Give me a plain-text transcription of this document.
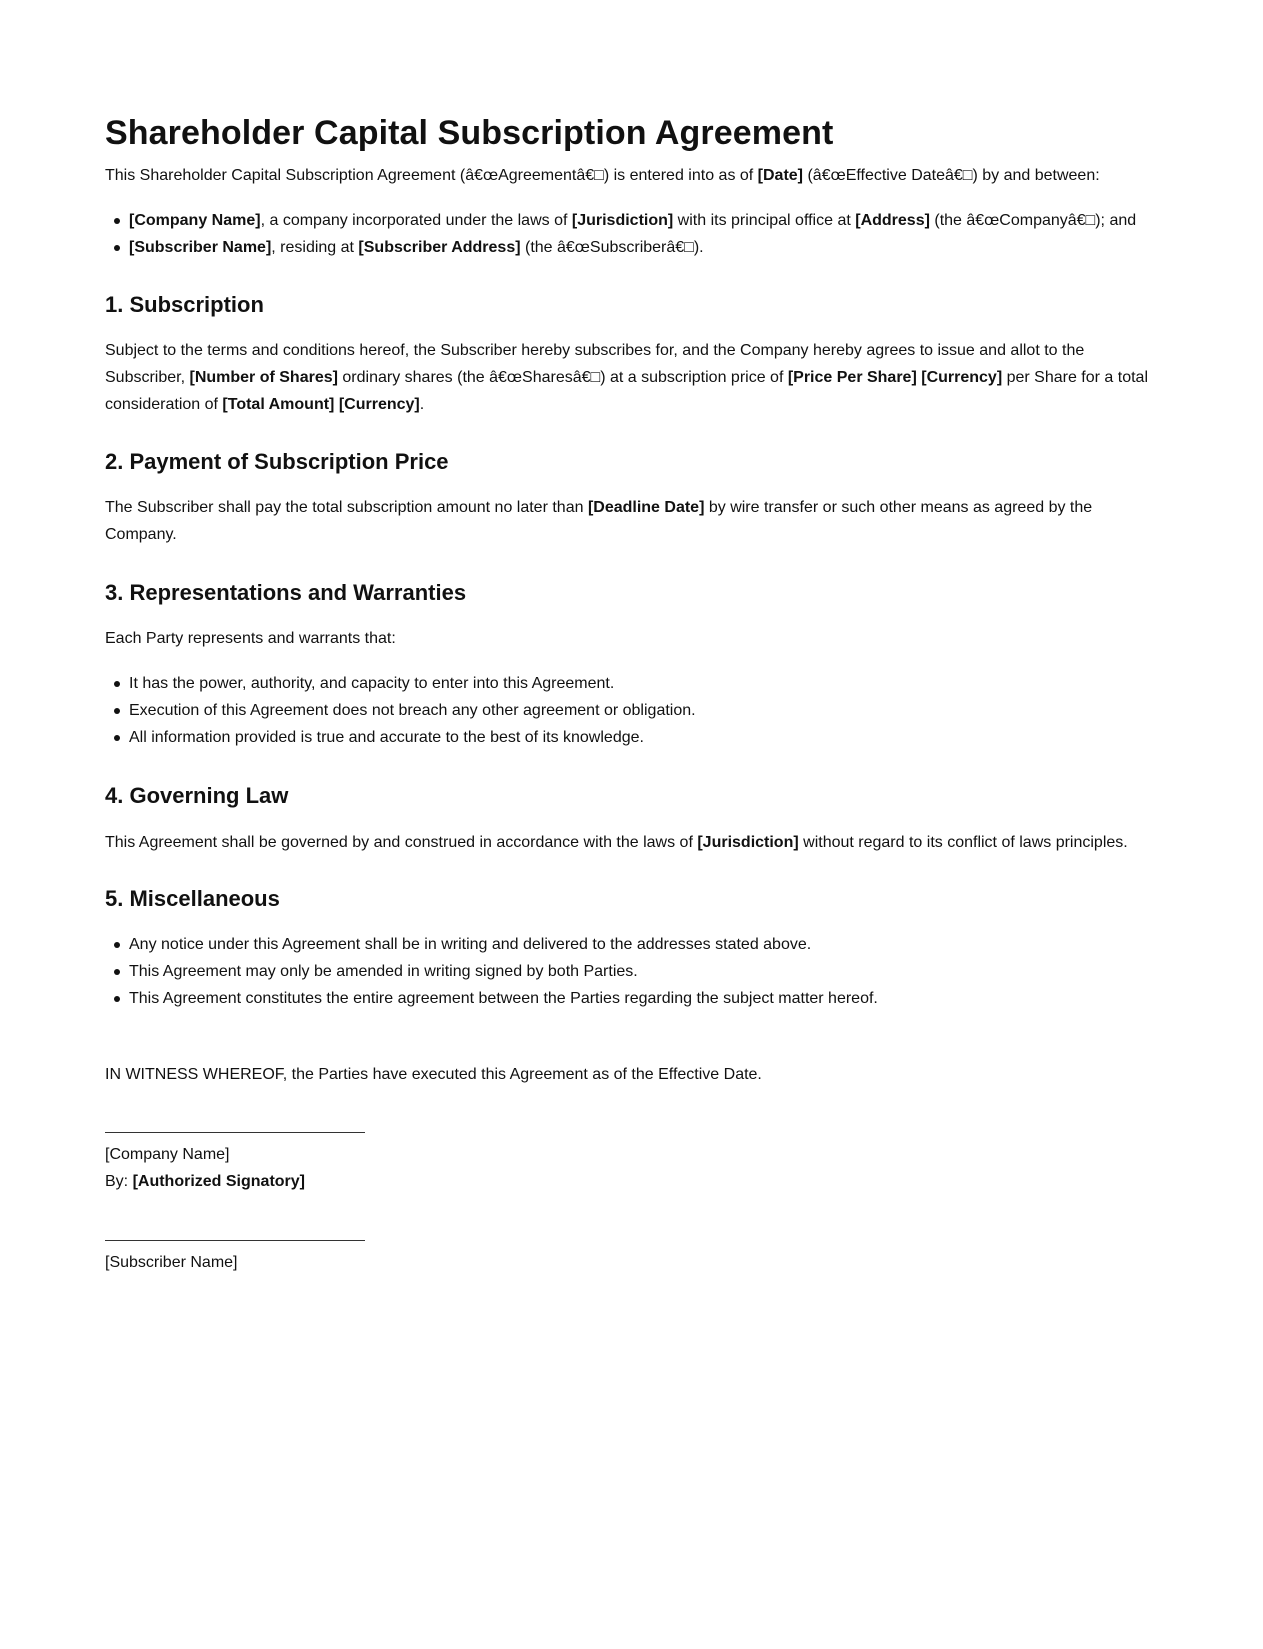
Shareholder Capital Subscription Agreement

This Shareholder Capital Subscription Agreement (â€œAgreementâ€□) is entered into as of [Date] (â€œEffective Dateâ€□) by and between:

[Company Name], a company incorporated under the laws of [Jurisdiction] with its principal office at [Address] (the â€œCompanyâ€□); and
[Subscriber Name], residing at [Subscriber Address] (the â€œSubscriberâ€□).
1. Subscription

Subject to the terms and conditions hereof, the Subscriber hereby subscribes for, and the Company hereby agrees to issue and allot to the Subscriber, [Number of Shares] ordinary shares (the â€œSharesâ€□) at a subscription price of [Price Per Share] [Currency] per Share for a total consideration of [Total Amount] [Currency].

2. Payment of Subscription Price

The Subscriber shall pay the total subscription amount no later than [Deadline Date] by wire transfer or such other means as agreed by the Company.

3. Representations and Warranties

Each Party represents and warrants that:

It has the power, authority, and capacity to enter into this Agreement.
Execution of this Agreement does not breach any other agreement or obligation.
All information provided is true and accurate to the best of its knowledge.
4. Governing Law

This Agreement shall be governed by and construed in accordance with the laws of [Jurisdiction] without regard to its conflict of laws principles.

5. Miscellaneous
Any notice under this Agreement shall be in writing and delivered to the addresses stated above.
This Agreement may only be amended in writing signed by both Parties.
This Agreement constitutes the entire agreement between the Parties regarding the subject matter hereof.

IN WITNESS WHEREOF, the Parties have executed this Agreement as of the Effective Date.

[Company Name]

By: [Authorized Signatory]

[Subscriber Name]
